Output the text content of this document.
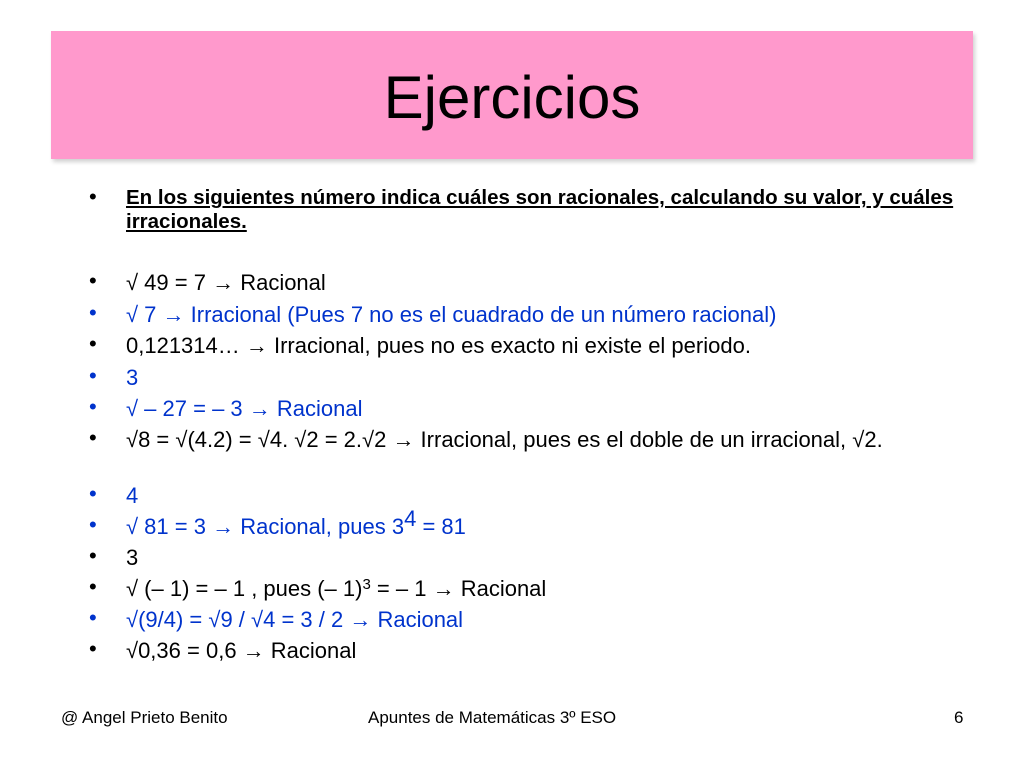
Ejercicios
• En los siguientes número indica cuáles son racionales, calculando su valor, y cuáles irracionales.
• √ 49 = 7 → Racional
• √ 7 → Irracional (Pues 7 no es el cuadrado de un número racional)
• 0,121314… → Irracional, pues no es exacto ni existe el periodo.
• 3
• √ – 27 = – 3 → Racional
• √8 = √(4.2) = √4. √2 = 2.√2 → Irracional, pues es el doble de un irracional, √2.
• 4
• √ 81 = 3 → Racional, pues $3^4 = 81$
• 3
• √ (– 1) = – 1 , pues (– 1)$^3$ = – 1 → Racional
• √(9/4) = √9 / √4 = 3 / 2 → Racional
• √0,36 = 0,6 → Racional
@ Angel Prieto Benito	Apuntes de Matemáticas 3º ESO	6
